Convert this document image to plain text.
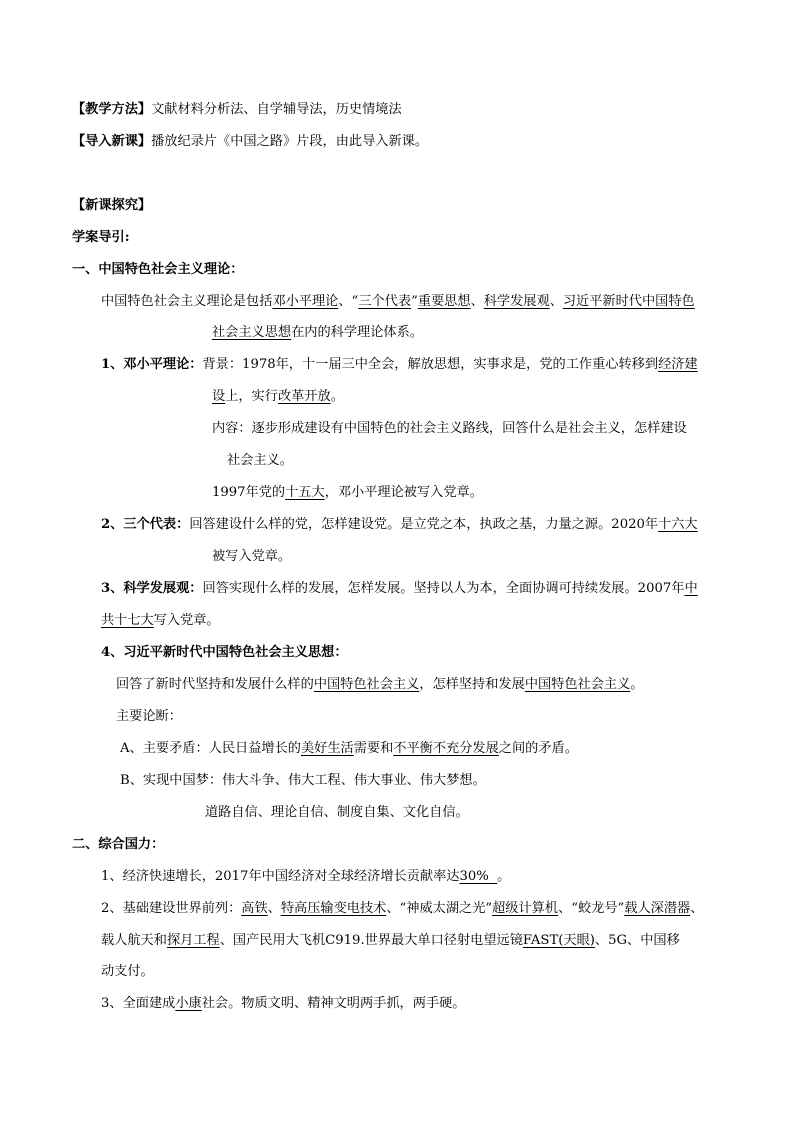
【教学方法】文献材料分析法、自学辅导法，历史情境法
【导入新课】播放纪录片《中国之路》片段，由此导入新课。
【新课探究】
学案导引:
一、中国特色社会主义理论：
中国特色社会主义理论是包括邓小平理论、“三个代表”重要思想、科学发展观、习近平新时代中国特色
社会主义思想在内的科学理论体系。
1、邓小平理论：背景：1978年，十一届三中全会，解放思想，实事求是，党的工作重心转移到经济建
设上，实行改革开放。
内容：逐步形成建设有中国特色的社会主义路线，回答什么是社会主义，怎样建设
社会主义。
1997年党的十五大，邓小平理论被写入党章。
2、三个代表：回答建设什么样的党，怎样建设党。是立党之本，执政之基，力量之源。2020年十六大
被写入党章。
3、科学发展观：回答实现什么样的发展，怎样发展。坚持以人为本，全面协调可持续发展。2007年中
共十七大写入党章。
4、习近平新时代中国特色社会主义思想：
回答了新时代坚持和发展什么样的中国特色社会主义，怎样坚持和发展中国特色社会主义。
主要论断：
A、主要矛盾：人民日益增长的美好生活需要和不平衡不充分发展之间的矛盾。
B、实现中国梦：伟大斗争、伟大工程、伟大事业、伟大梦想。
道路自信、理论自信、制度自集、文化自信。
二、综合国力：
1、经济快速增长，2017年中国经济对全球经济增长贡献率达30% 。
2、基础建设世界前列：高铁、特高压输变电技术、“神威太湖之光”超级计算机、“蛟龙号”载人深潜器、
载人航天和探月工程、国产民用大飞机C919.世界最大单口径射电望远镜FAST(天眼)、5G、中国移
动支付。
3、全面建成小康社会。物质文明、精神文明两手抓，两手硬。
